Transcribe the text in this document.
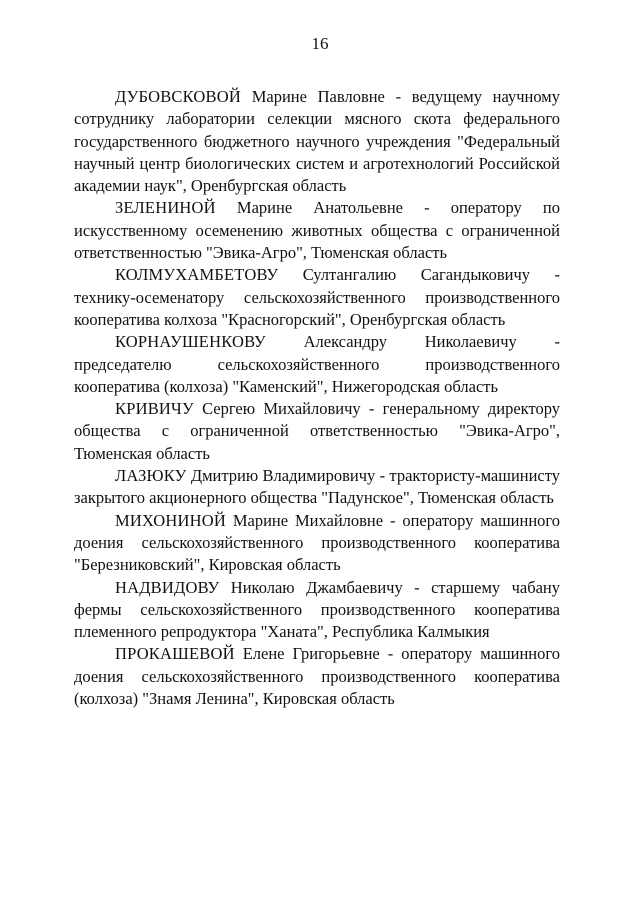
16

ДУБОВСКОВОЙ Марине Павловне - ведущему научному сотруднику лаборатории селекции мясного скота федерального государственного бюджетного научного учреждения "Федеральный научный центр биологических систем и агротехнологий Российской академии наук", Оренбургская область

ЗЕЛЕНИНОЙ Марине Анатольевне - оператору по искусственному осеменению животных общества с ограниченной ответственностью "Эвика-Агро", Тюменская область

КОЛМУХАМБЕТОВУ Султангалию Сагандыковичу - технику-осеменатору сельскохозяйственного производственного кооператива колхоза "Красногорский", Оренбургская область

КОРНАУШЕНКОВУ Александру Николаевичу - председателю сельскохозяйственного производственного кооператива (колхоза) "Каменский", Нижегородская область

КРИВИЧУ Сергею Михайловичу - генеральному директору общества с ограниченной ответственностью "Эвика-Агро", Тюменская область

ЛАЗЮКУ Дмитрию Владимировичу - трактористу-машинисту закрытого акционерного общества "Падунское", Тюменская область

МИХОНИНОЙ Марине Михайловне - оператору машинного доения сельскохозяйственного производственного кооператива "Березниковский", Кировская область

НАДВИДОВУ Николаю Джамбаевичу - старшему чабану фермы сельскохозяйственного производственного кооператива племенного репродуктора "Ханата", Республика Калмыкия

ПРОКАШЕВОЙ Елене Григорьевне - оператору машинного доения сельскохозяйственного производственного кооператива (колхоза) "Знамя Ленина", Кировская область
